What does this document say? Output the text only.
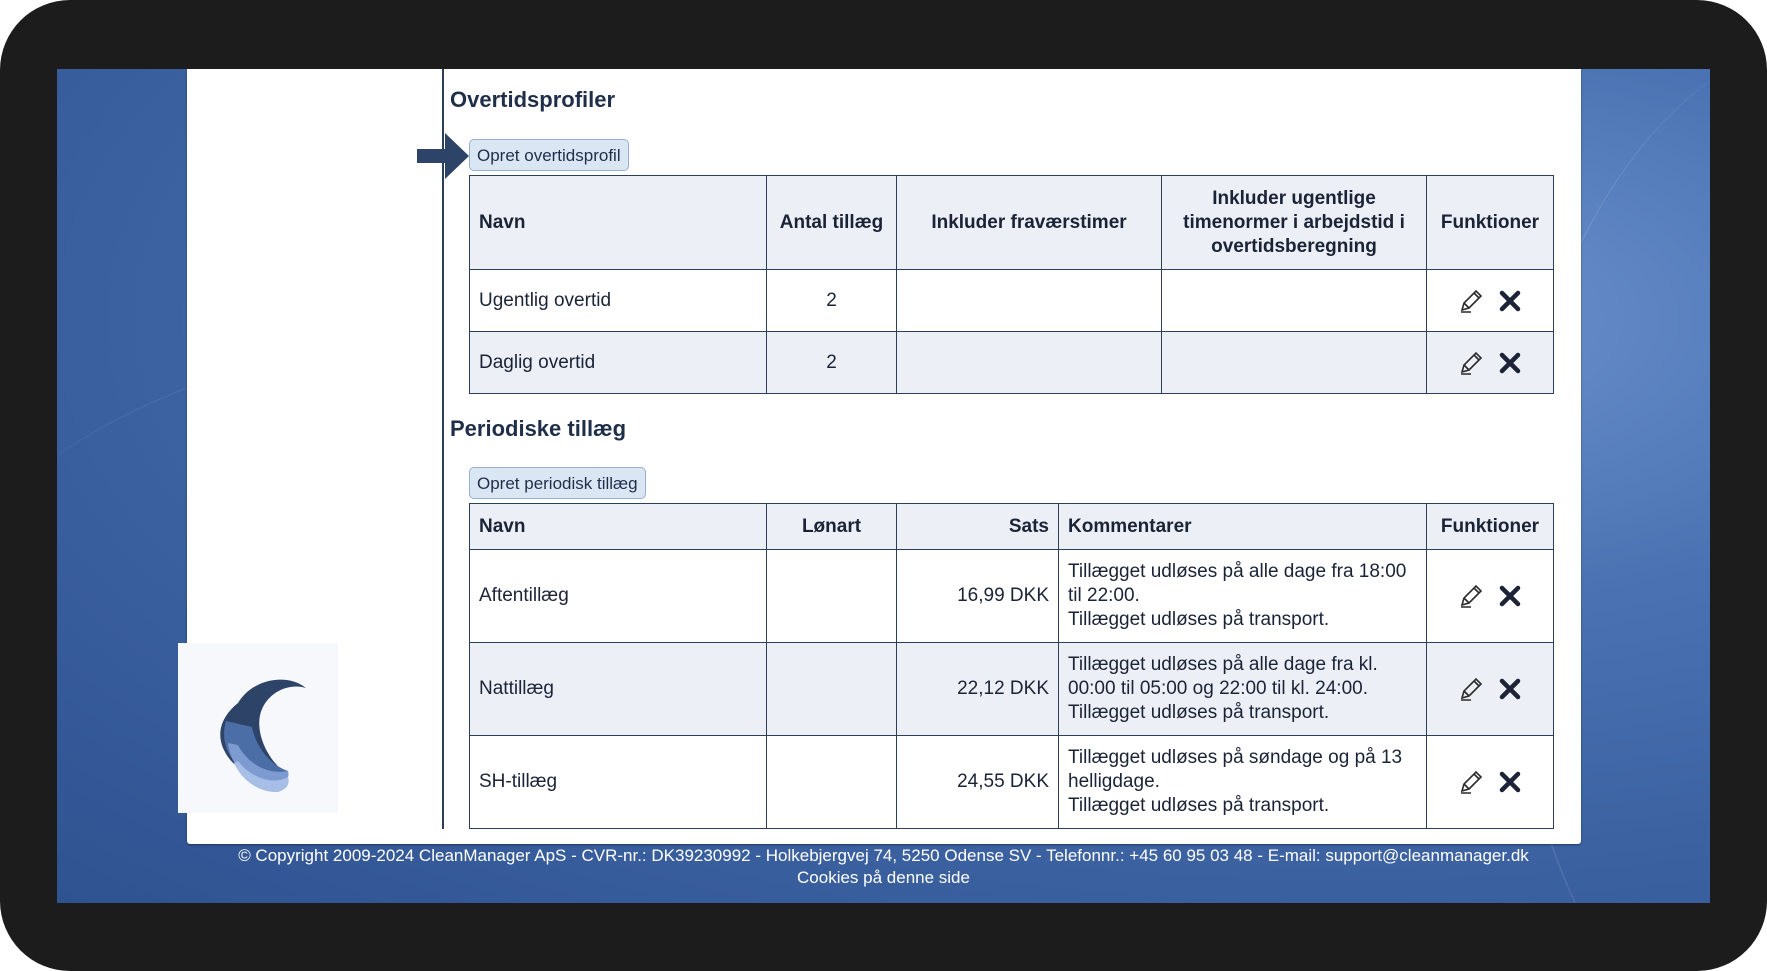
Overtidsprofiler
Opret overtidsprofil
Navn	Antal tillæg	Inkluder fraværstimer	Inkluder ugentlige timenormer i arbejdstid i overtidsberegning	Funktioner
Ugentlig overtid	2			
Daglig overtid	2			
Periodiske tillæg
Opret periodisk tillæg
Navn	Lønart	Sats	Kommentarer	Funktioner
Aftentillæg		16,99 DKK	Tillægget udløses på alle dage fra 18:00 til 22:00.
Tillægget udløses på transport.

Nattillæg		22,12 DKK	Tillægget udløses på alle dage fra kl. 00:00 til 05:00 og 22:00 til kl. 24:00.
Tillægget udløses på transport.

SH-tillæg		24,55 DKK	Tillægget udløses på søndage og på 13 helligdage.
Tillægget udløses på transport.

© Copyright 2009-2024 CleanManager ApS - CVR-nr.: DK39230992 - Holkebjergvej 74, 5250 Odense SV - Telefonnr.: +45 60 95 03 48 - E-mail: support@cleanmanager.dk
Cookies på denne side
